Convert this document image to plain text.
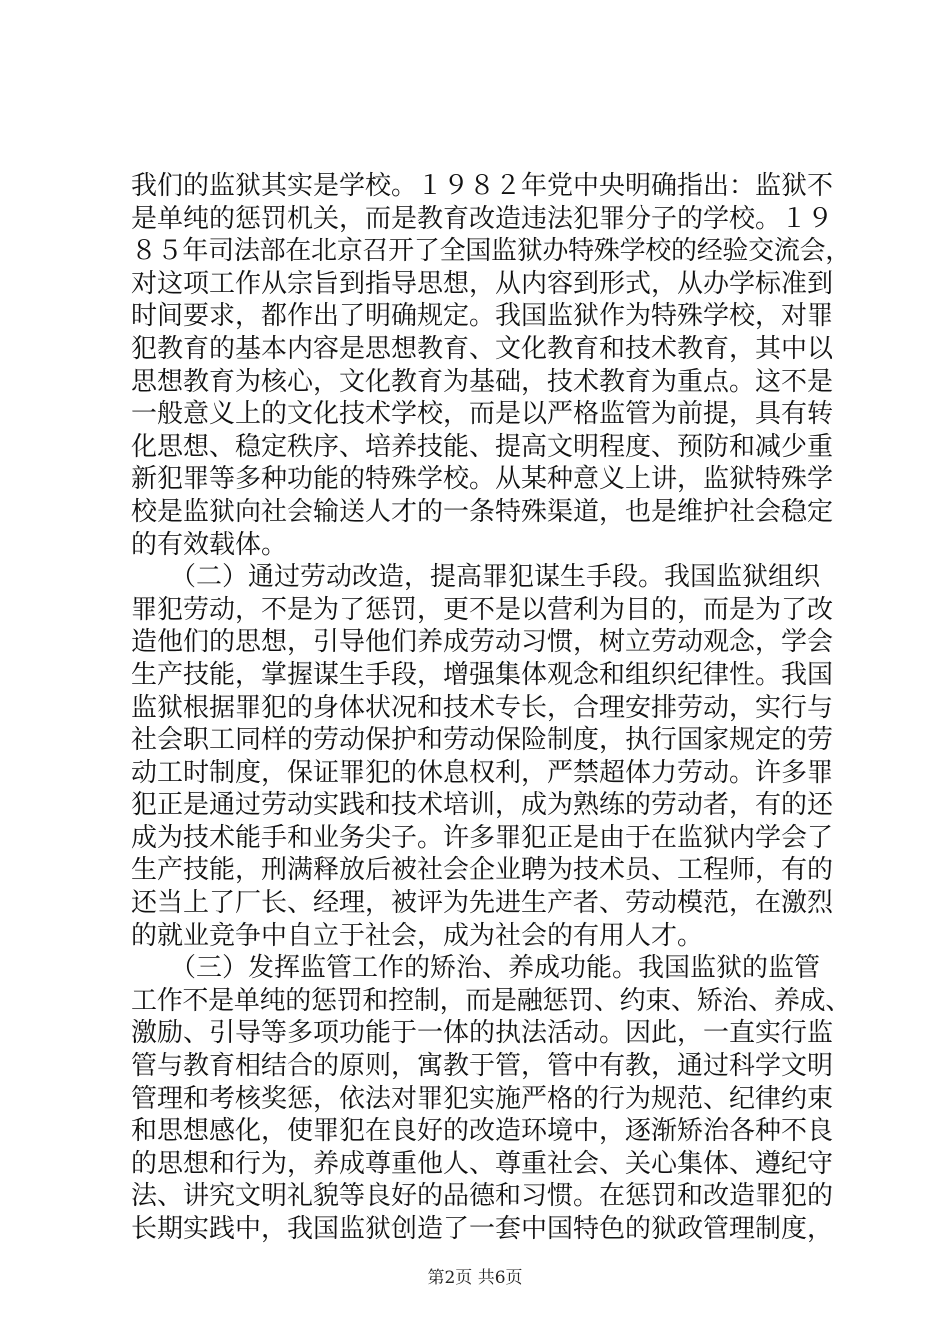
我们的监狱其实是学校。１９８２年党中央明确指出：监狱不
是单纯的惩罚机关，而是教育改造违法犯罪分子的学校。１９
８５年司法部在北京召开了全国监狱办特殊学校的经验交流会，
对这项工作从宗旨到指导思想，从内容到形式，从办学标准到
时间要求，都作出了明确规定。我国监狱作为特殊学校，对罪
犯教育的基本内容是思想教育、文化教育和技术教育，其中以
思想教育为核心，文化教育为基础，技术教育为重点。这不是
一般意义上的文化技术学校，而是以严格监管为前提，具有转
化思想、稳定秩序、培养技能、提高文明程度、预防和减少重
新犯罪等多种功能的特殊学校。从某种意义上讲，监狱特殊学
校是监狱向社会输送人才的一条特殊渠道，也是维护社会稳定
的有效载体。
　　（二）通过劳动改造，提高罪犯谋生手段。我国监狱组织
罪犯劳动，不是为了惩罚，更不是以营利为目的，而是为了改
造他们的思想，引导他们养成劳动习惯，树立劳动观念，学会
生产技能，掌握谋生手段，增强集体观念和组织纪律性。我国
监狱根据罪犯的身体状况和技术专长，合理安排劳动，实行与
社会职工同样的劳动保护和劳动保险制度，执行国家规定的劳
动工时制度，保证罪犯的休息权利，严禁超体力劳动。许多罪
犯正是通过劳动实践和技术培训，成为熟练的劳动者，有的还
成为技术能手和业务尖子。许多罪犯正是由于在监狱内学会了
生产技能，刑满释放后被社会企业聘为技术员、工程师，有的
还当上了厂长、经理，被评为先进生产者、劳动模范，在激烈
的就业竞争中自立于社会，成为社会的有用人才。
　　（三）发挥监管工作的矫治、养成功能。我国监狱的监管
工作不是单纯的惩罚和控制，而是融惩罚、约束、矫治、养成、
激励、引导等多项功能于一体的执法活动。因此，一直实行监
管与教育相结合的原则，寓教于管，管中有教，通过科学文明
管理和考核奖惩，依法对罪犯实施严格的行为规范、纪律约束
和思想感化，使罪犯在良好的改造环境中，逐渐矫治各种不良
的思想和行为，养成尊重他人、尊重社会、关心集体、遵纪守
法、讲究文明礼貌等良好的品德和习惯。在惩罚和改造罪犯的
长期实践中，我国监狱创造了一套中国特色的狱政管理制度，
第2页 共6页
